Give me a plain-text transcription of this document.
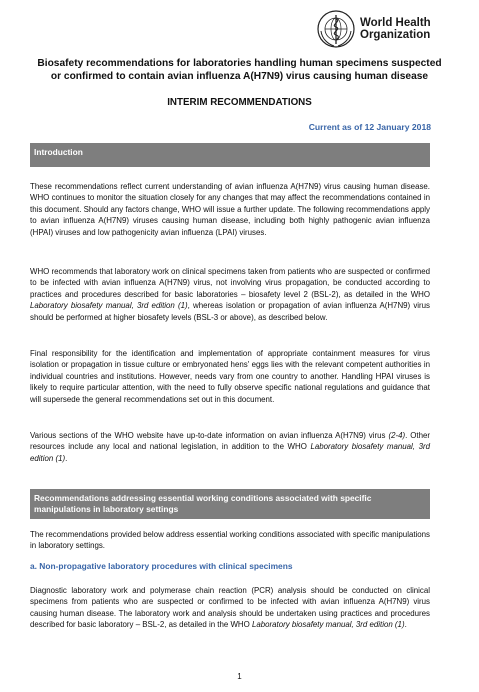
World Health
Organization
Biosafety recommendations for laboratories handling human specimens suspected
or confirmed to contain avian influenza A(H7N9) virus causing human disease
INTERIM RECOMMENDATIONS
Current as of 12 January 2018
Introduction

These recommendations reflect current understanding of avian influenza A(H7N9) virus causing human disease. WHO continues to monitor the situation closely for any changes that may affect the recommendations contained in this document. Should any factors change, WHO will issue a further update. The following recommendations apply to avian influenza A(H7N9) viruses causing human disease, including both highly pathogenic avian influenza (HPAI) viruses and low pathogenicity avian influenza (LPAI) viruses.

WHO recommends that laboratory work on clinical specimens taken from patients who are suspected or confirmed to be infected with avian influenza A(H7N9) virus, not involving virus propagation, be conducted according to practices and procedures described for basic laboratories – biosafety level 2 (BSL-2), as detailed in the WHO Laboratory biosafety manual, 3rd edition (1), whereas isolation or propagation of avian influenza A(H7N9) virus should be performed at higher biosafety levels (BSL-3 or above), as described below.

Final responsibility for the identification and implementation of appropriate containment measures for virus isolation or propagation in tissue culture or embryonated hens' eggs lies with the relevant competent authorities in individual countries and institutions. However, needs vary from one country to another. Handling HPAI viruses is likely to require particular attention, with the need to fully observe specific national regulations and guidance that will supersede the general recommendations set out in this document.

Various sections of the WHO website have up-to-date information on avian influenza A(H7N9) virus (2-4). Other resources include any local and national legislation, in addition to the WHO Laboratory biosafety manual, 3rd edition (1).

Recommendations addressing essential working conditions associated with specific manipulations in laboratory settings

The recommendations provided below address essential working conditions associated with specific manipulations in laboratory settings.

a. Non-propagative laboratory procedures with clinical specimens

Diagnostic laboratory work and polymerase chain reaction (PCR) analysis should be conducted on clinical specimens from patients who are suspected or confirmed to be infected with avian influenza A(H7N9) virus causing human disease. The laboratory work and analysis should be undertaken using practices and procedures described for basic laboratory – BSL-2, as detailed in the WHO Laboratory biosafety manual, 3rd edition (1).

1
